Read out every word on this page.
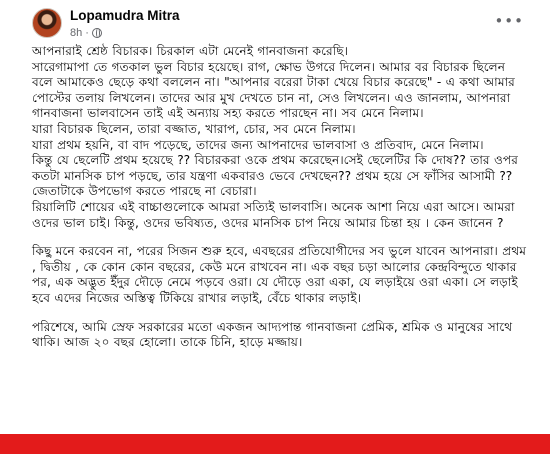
Lopamudra Mitra
8h ·
•••

আপনারাই শ্রেষ্ঠ বিচারক। চিরকাল এটা মেনেই গানবাজনা করেছি।

সারেগামাপা তে গতকাল ভুল বিচার হয়েছে। রাগ, ক্ষোভ উগরে দিলেন। আমার বর বিচারক ছিলেন বলে আমাকেও ছেড়ে কথা বললেন না। "আপনার বরেরা টাকা খেয়ে বিচার করেছে" - এ কথা আমার পোস্টের তলায় লিখলেন। তাদের আর মুখ দেখতে চান না, সেও লিখলেন। এও জানলাম, আপনারা গানবাজনা ভালবাসেন তাই এই অন্যায় সহ্য করতে পারছেন না। সব মেনে নিলাম।

যারা বিচারক ছিলেন, তারা বজ্জাত, খারাপ, চোর, সব মেনে নিলাম।

যারা প্রথম হয়নি, বা বাদ পড়েছে, তাদের জন্য আপনাদের ভালবাসা ও প্রতিবাদ, মেনে নিলাম।

কিন্তু যে ছেলেটি প্রথম হয়েছে ?? বিচারকরা ওকে প্রথম করেছেন।সেই ছেলেটির কি দোষ?? তার ওপর কতটা মানসিক চাপ পড়ছে, তার যন্ত্রণা একবারও ভেবে দেখছেন?? প্রথম হয়ে সে ফাঁসির আসামী ?? জেতাটাকে উপভোগ করতে পারছে না বেচারা।

রিয়ালিটি শোয়ের এই বাচ্চাগুলোকে আমরা সত্যিই ভালবাসি। অনেক আশা নিয়ে এরা আসে। আমরা ওদের ভাল চাই। কিন্তু, ওদের ভবিষ্যত, ওদের মানসিক চাপ নিয়ে আমার চিন্তা হয় । কেন জানেন ?

কিছু মনে করবেন না, পরের সিজন শুরু হবে, এবছরের প্রতিযোগীদের সব ভুলে যাবেন আপনারা। প্রথম , দ্বিতীয় , কে কোন কোন বছরের, কেউ মনে রাখবেন না। এক বছর চড়া আলোর কেন্দ্রবিন্দুতে থাকার পর, এক অদ্ভুত ইঁদুর দৌড়ে নেমে পড়বে ওরা। যে দৌড়ে ওরা একা, যে লড়াইয়ে ওরা একা। সে লড়াই হবে এদের নিজের অস্তিত্ব টিকিয়ে রাখার লড়াই, বেঁচে থাকার লড়াই।

পরিশেষে, আমি স্রেফ সরকারের মতো একজন আদ্যপান্ত গানবাজনা প্রেমিক, শ্রমিক ও মানুষের সাথে থাকি। আজ ২০ বছর হোলো। তাকে চিনি, হাড়ে মজ্জায়।
